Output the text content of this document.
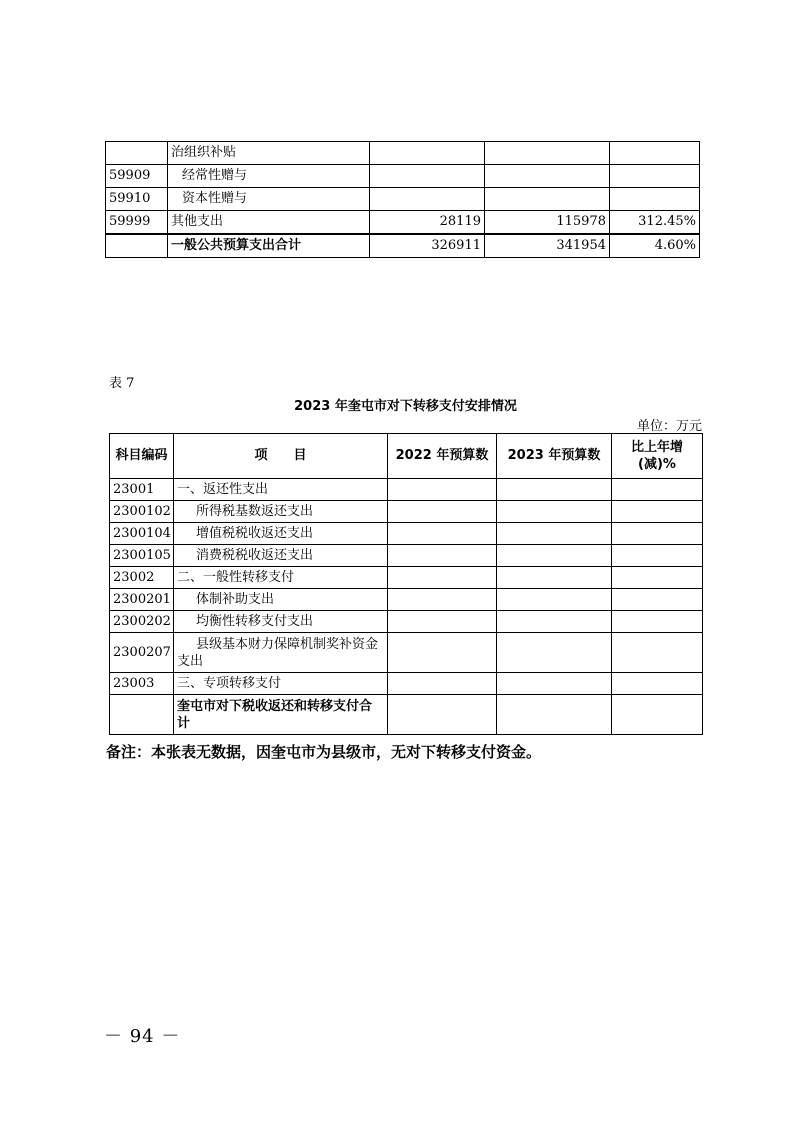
	治组织补贴			
59909	经常性赠与			
59910	资本性赠与			
59999	其他支出	28119	115978	312.45%
	一般公共预算支出合计	326911	341954	4.60%
表 7
2023 年奎屯市对下转移支付安排情况
单位：万元
科目编码	项　　目	2022 年预算数	2023 年预算数	比上年增(减)%
23001	一、返还性支出			
2300102	所得税基数返还支出			
2300104	增值税税收返还支出			
2300105	消费税税收返还支出			
23002	二、一般性转移支付			
2300201	体制补助支出			
2300202	均衡性转移支付支出			
2300207	县级基本财力保障机制奖补资金支出			
23003	三、专项转移支付			
	奎屯市对下税收返还和转移支付合计			
备注：本张表无数据，因奎屯市为县级市，无对下转移支付资金。
－ 94 －
